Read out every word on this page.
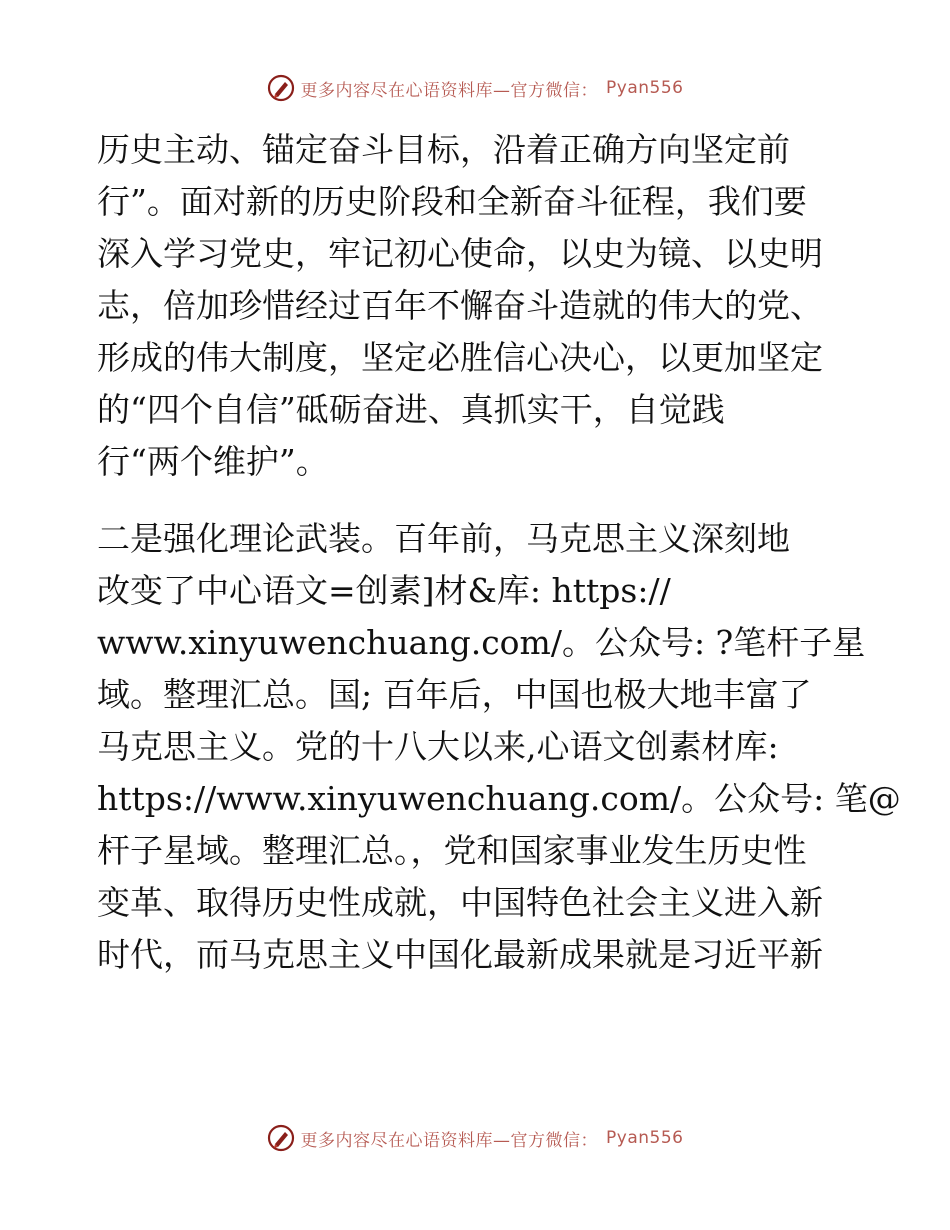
更多内容尽在心语资料库—官方微信： Pyan556
历史主动、锚定奋斗目标，沿着正确方向坚定前
行”。面对新的历史阶段和全新奋斗征程，我们要
深入学习党史，牢记初心使命，以史为镜、以史明
志，倍加珍惜经过百年不懈奋斗造就的伟大的党、
形成的伟大制度，坚定必胜信心决心，以更加坚定
的“四个自信”砥砺奋进、真抓实干，自觉践
行“两个维护”。
二是强化理论武装。百年前，马克思主义深刻地
改变了中心语文=创素]材&库: https://
www.xinyuwenchuang.com/。公众号: ?笔杆子星
域。整理汇总。国; 百年后，中国也极大地丰富了
马克思主义。党的十八大以来,心语文创素材库:
https://www.xinyuwenchuang.com/。公众号: 笔@
杆子星域。整理汇总。，党和国家事业发生历史性
变革、取得历史性成就，中国特色社会主义进入新
时代，而马克思主义中国化最新成果就是习近平新
更多内容尽在心语资料库—官方微信： Pyan556
